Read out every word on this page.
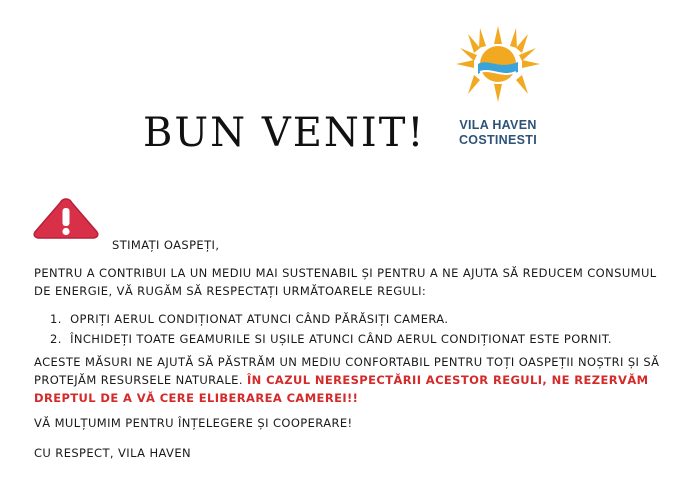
BUN VENIT!	VILA HAVEN
COSTINESTI
STIMAȚI OASPEȚI,
PENTRU A CONTRIBUI LA UN MEDIU MAI SUSTENABIL ȘI PENTRU A NE AJUTA SĂ REDUCEM CONSUMUL DE ENERGIE, VĂ RUGĂM SĂ RESPECTAȚI URMĂTOARELE REGULI:
1. OPRIȚI AERUL CONDIȚIONAT ATUNCI CÂND PĂRĂSIȚI CAMERA.
2. ÎNCHIDEȚI TOATE GEAMURILE SI UȘILE ATUNCI CÂND AERUL CONDIȚIONAT ESTE PORNIT.
ACESTE MĂSURI NE AJUTĂ SĂ PĂSTRĂM UN MEDIU CONFORTABIL PENTRU TOȚI OASPEȚII NOȘTRI ȘI SĂ PROTEJĂM RESURSELE NATURALE. ÎN CAZUL NERESPECTĂRII ACESTOR REGULI, NE REZERVĂM DREPTUL DE A VĂ CERE ELIBERAREA CAMEREI!!
VĂ MULȚUMIM PENTRU ÎNȚELEGERE ȘI COOPERARE!
CU RESPECT, VILA HAVEN
